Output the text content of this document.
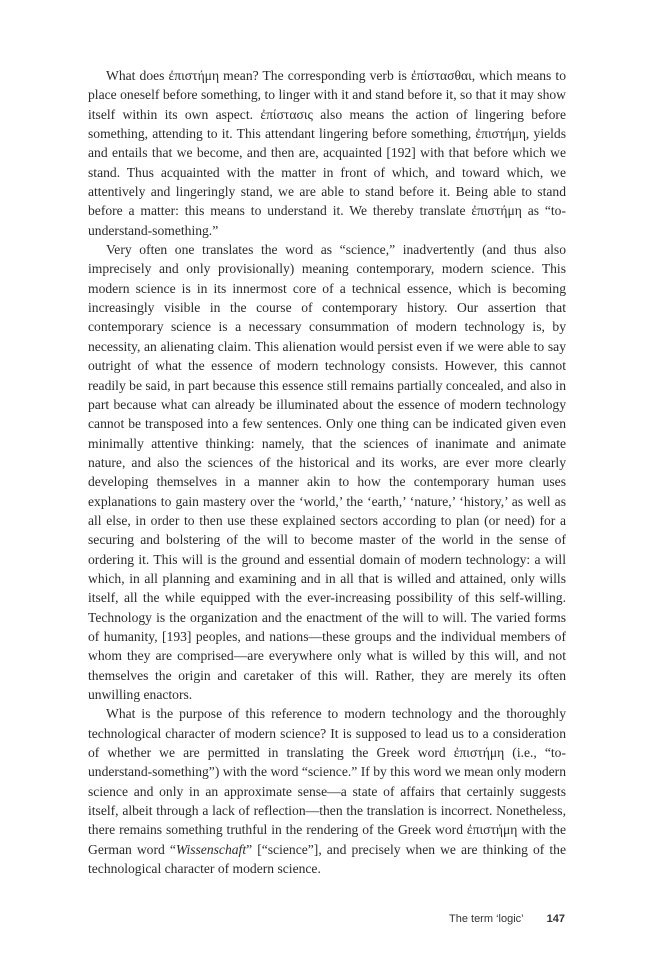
What does ἐπιστήμη mean? The corresponding verb is ἐπίστασθαι, which means to place oneself before something, to linger with it and stand before it, so that it may show itself within its own aspect. ἐπίστασις also means the action of lingering before something, attending to it. This attendant lingering before something, ἐπιστήμη, yields and entails that we become, and then are, acquainted [192] with that before which we stand. Thus acquainted with the matter in front of which, and toward which, we attentively and lingeringly stand, we are able to stand before it. Being able to stand before a matter: this means to understand it. We thereby translate ἐπιστήμη as “to-understand-something.”

Very often one translates the word as “science,” inadvertently (and thus also imprecisely and only provisionally) meaning contemporary, modern science. This modern science is in its innermost core of a technical essence, which is becoming increasingly visible in the course of contemporary history. Our assertion that contemporary science is a necessary consummation of modern technology is, by necessity, an alienating claim. This alienation would persist even if we were able to say outright of what the essence of modern technology consists. However, this cannot readily be said, in part because this essence still remains partially concealed, and also in part because what can already be illuminated about the essence of modern technology cannot be transposed into a few sentences. Only one thing can be indicated given even minimally attentive thinking: namely, that the sciences of inanimate and animate nature, and also the sciences of the historical and its works, are ever more clearly developing themselves in a manner akin to how the contemporary human uses explanations to gain mastery over the ‘world,’ the ‘earth,’ ‘nature,’ ‘history,’ as well as all else, in order to then use these explained sectors according to plan (or need) for a securing and bolstering of the will to become master of the world in the sense of ordering it. This will is the ground and essential domain of modern technology: a will which, in all planning and examining and in all that is willed and attained, only wills itself, all the while equipped with the ever-increasing possibility of this self-willing. Technology is the organization and the enactment of the will to will. The varied forms of humanity, [193] peoples, and nations—these groups and the individual members of whom they are comprised—are everywhere only what is willed by this will, and not themselves the origin and caretaker of this will. Rather, they are merely its often unwilling enactors.

What is the purpose of this reference to modern technology and the thoroughly technological character of modern science? It is supposed to lead us to a consideration of whether we are permitted in translating the Greek word ἐπιστήμη (i.e., “to-understand-something”) with the word “science.” If by this word we mean only modern science and only in an approximate sense—a state of affairs that certainly suggests itself, albeit through a lack of reflection—then the translation is incorrect. Nonetheless, there remains something truthful in the rendering of the Greek word ἐπιστήμη with the German word “Wissenschaft” [“science”], and precisely when we are thinking of the technological character of modern science.

The term ‘logic’ 147
